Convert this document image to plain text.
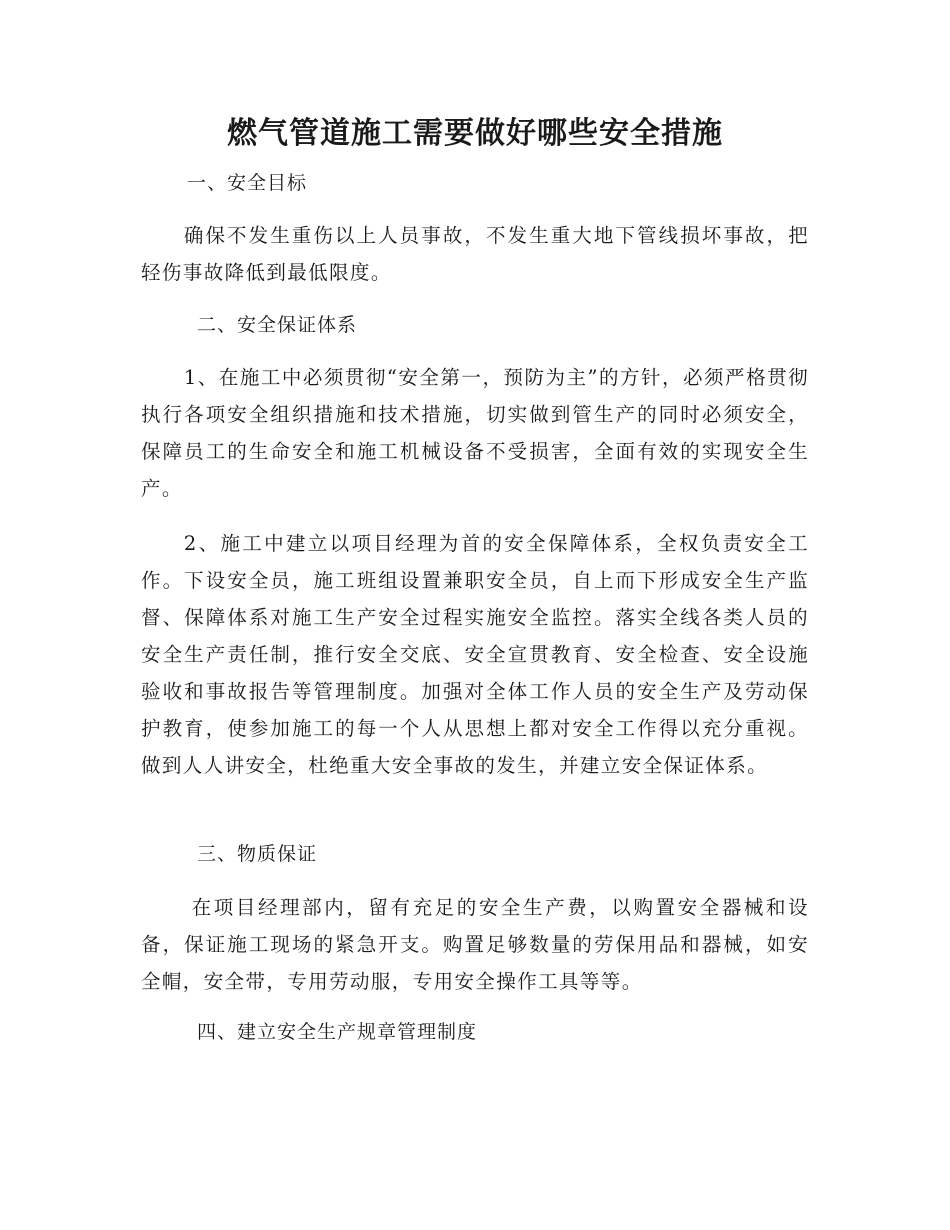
燃气管道施工需要做好哪些安全措施
一、安全目标
确保不发生重伤以上人员事故，不发生重大地下管线损坏事故，把轻伤事故降低到最低限度。
二、安全保证体系
1、在施工中必须贯彻“安全第一，预防为主”的方针，必须严格贯彻执行各项安全组织措施和技术措施，切实做到管生产的同时必须安全，保障员工的生命安全和施工机械设备不受损害，全面有效的实现安全生产。
2、施工中建立以项目经理为首的安全保障体系，全权负责安全工作。下设安全员，施工班组设置兼职安全员，自上而下形成安全生产监督、保障体系对施工生产安全过程实施安全监控。落实全线各类人员的安全生产责任制，推行安全交底、安全宣贯教育、安全检查、安全设施验收和事故报告等管理制度。加强对全体工作人员的安全生产及劳动保护教育，使参加施工的每一个人从思想上都对安全工作得以充分重视。做到人人讲安全，杜绝重大安全事故的发生，并建立安全保证体系。
三、物质保证
在项目经理部内，留有充足的安全生产费，以购置安全器械和设备，保证施工现场的紧急开支。购置足够数量的劳保用品和器械，如安全帽，安全带，专用劳动服，专用安全操作工具等等。
四、建立安全生产规章管理制度
